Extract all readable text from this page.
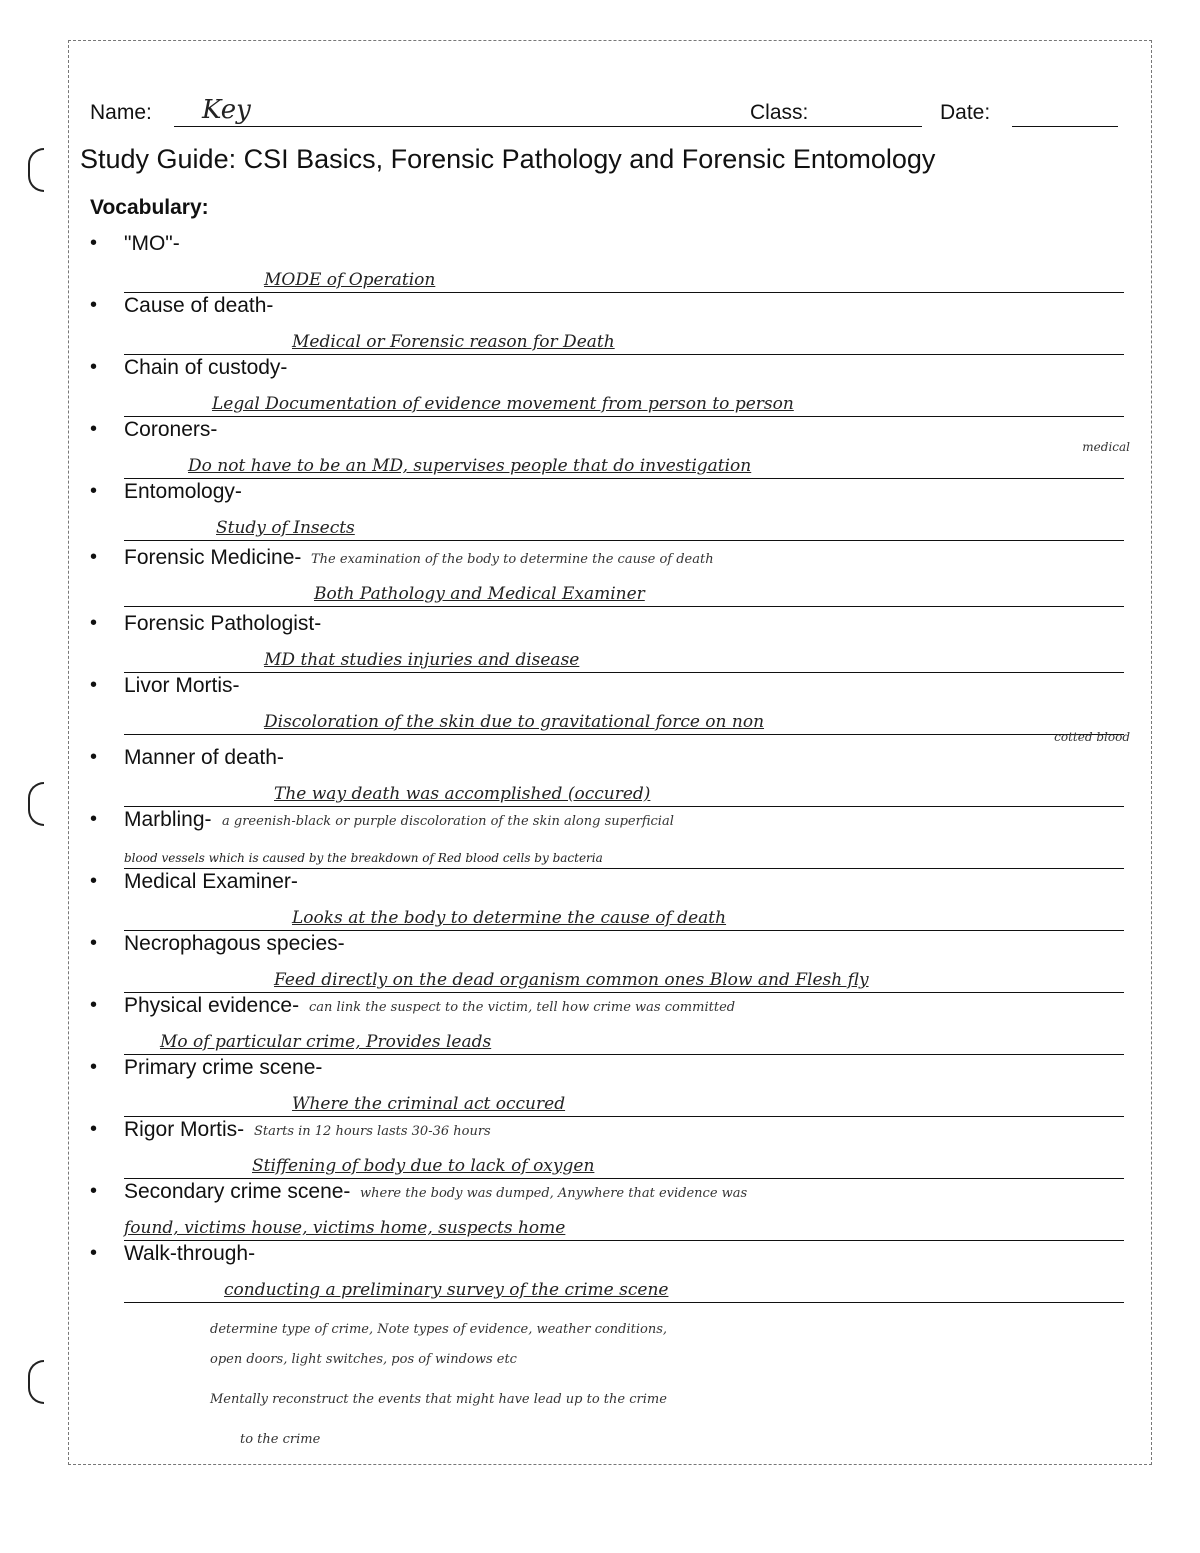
Name: Key	Class:	Date:
Study Guide: CSI Basics, Forensic Pathology and Forensic Entomology
Vocabulary:
• "MO"-
MODE of Operation
• Cause of death-
Medical or Forensic reason for Death
• Chain of custody-
Legal Documentation of evidence movement from person to person
• Coroners-
Do not have to be an MD, supervises people that do investigation
medical
• Entomology-
Study of Insects
• Forensic Medicine- The examination of the body to determine the cause of death
Both Pathology and Medical Examiner
• Forensic Pathologist-
MD that studies injuries and disease
• Livor Mortis-
Discoloration of the skin due to gravitational force on non
cotted blood
• Manner of death-
The way death was accomplished (occured)
• Marbling- a greenish-black or purple discoloration of the skin along superficial
blood vessels which is caused by the breakdown of Red blood cells by bacteria
• Medical Examiner-
Looks at the body to determine the cause of death
• Necrophagous species-
Feed directly on the dead organism common ones Blow and Flesh fly
• Physical evidence- can link the suspect to the victim, tell how crime was committed
Mo of particular crime, Provides leads
• Primary crime scene-
Where the criminal act occured
• Rigor Mortis- Starts in 12 hours lasts 30-36 hours
Stiffening of body due to lack of oxygen
• Secondary crime scene- where the body was dumped, Anywhere that evidence was
found, victims house, victims home, suspects home
• Walk-through-
conducting a preliminary survey of the crime scene
determine type of crime, Note types of evidence, weather conditions,
open doors, light switches, pos of windows etc
Mentally reconstruct the events that might have lead up to the crime
to the crime
